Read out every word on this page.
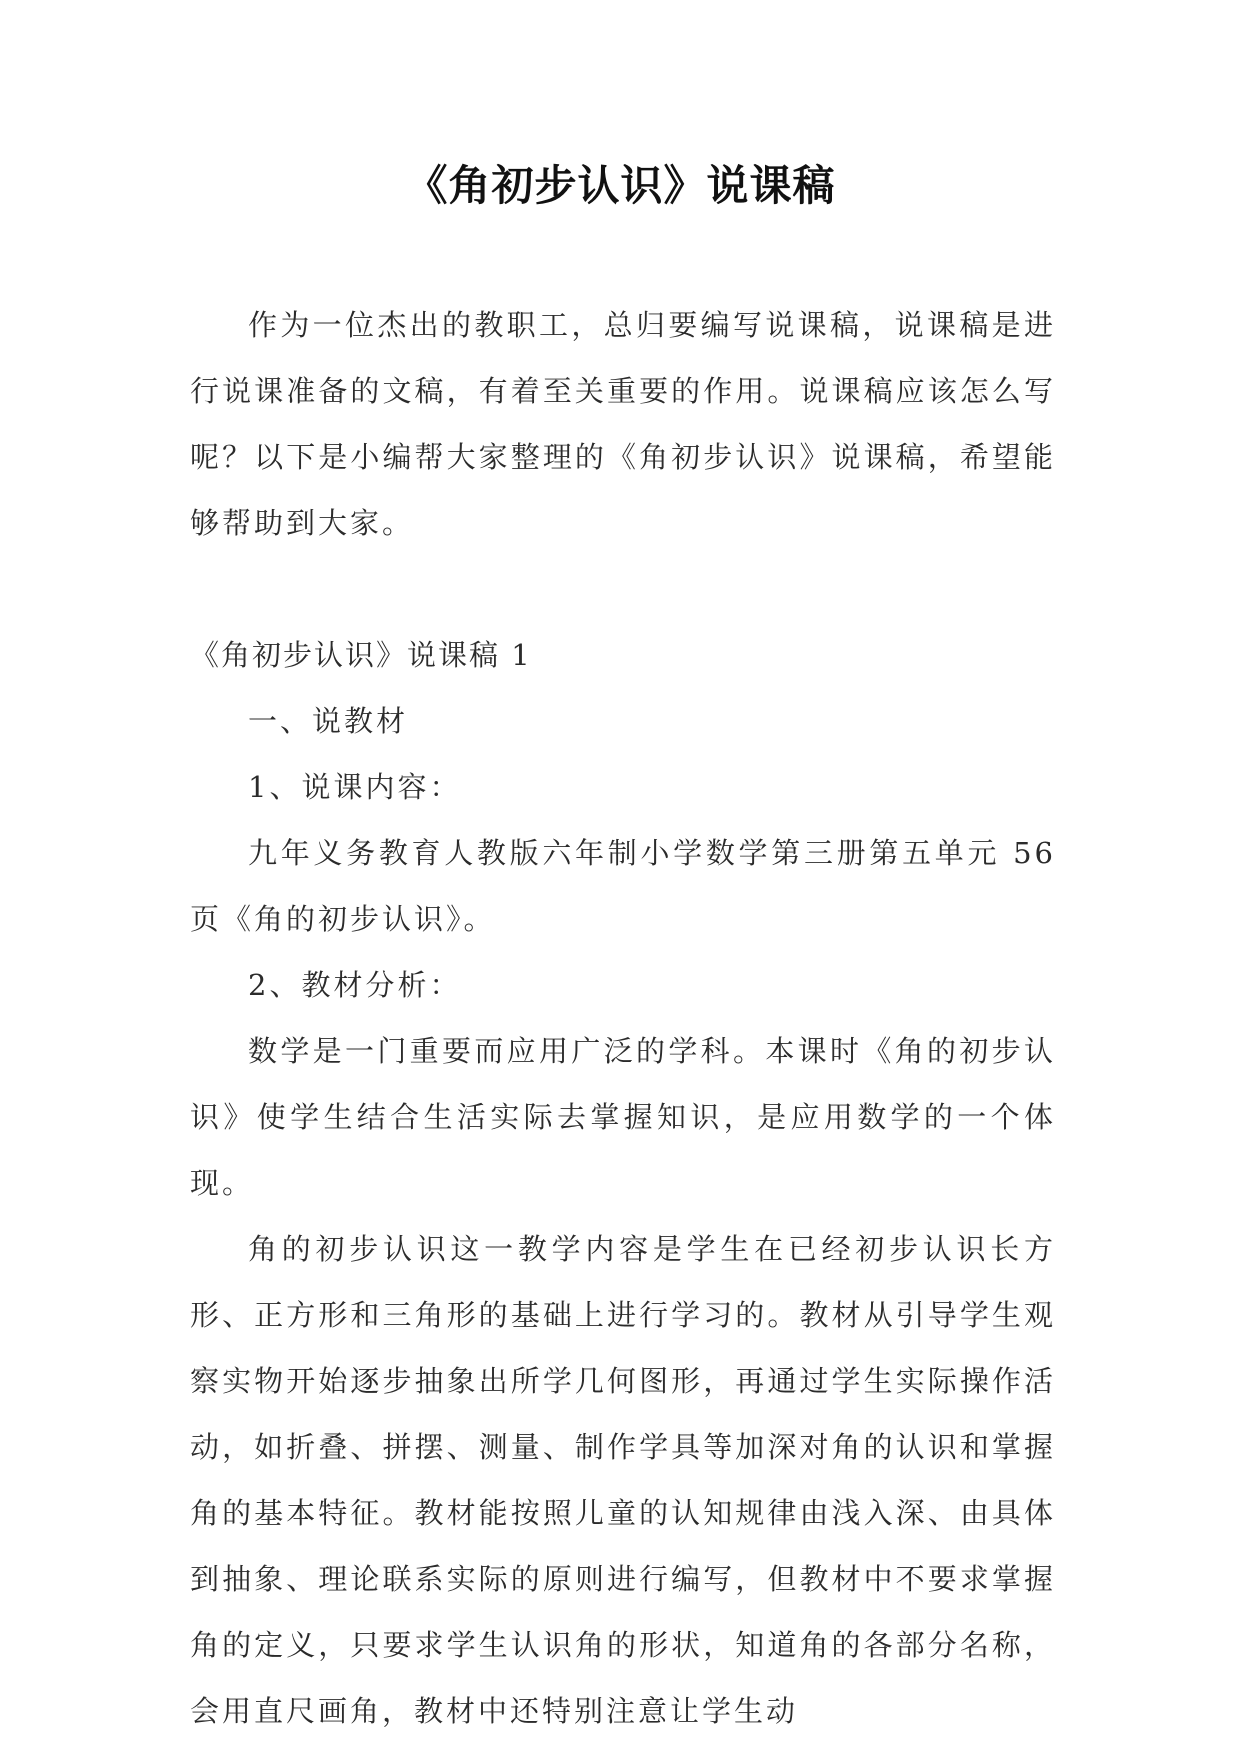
《角初步认识》说课稿

作为一位杰出的教职工，总归要编写说课稿，说课稿是进行说课准备的文稿，有着至关重要的作用。说课稿应该怎么写呢？以下是小编帮大家整理的《角初步认识》说课稿，希望能够帮助到大家。

《角初步认识》说课稿 1

一、说教材

1、说课内容：

九年义务教育人教版六年制小学数学第三册第五单元 56 页《角的初步认识》。

2、教材分析：

数学是一门重要而应用广泛的学科。本课时《角的初步认识》使学生结合生活实际去掌握知识，是应用数学的一个体现。

角的初步认识这一教学内容是学生在已经初步认识长方形、正方形和三角形的基础上进行学习的。教材从引导学生观察实物开始逐步抽象出所学几何图形，再通过学生实际操作活动，如折叠、拼摆、测量、制作学具等加深对角的认识和掌握角的基本特征。教材能按照儿童的认知规律由浅入深、由具体到抽象、理论联系实际的原则进行编写，但教材中不要求掌握角的定义，只要求学生认识角的形状，知道角的各部分名称，会用直尺画角，教材中还特别注意让学生动
